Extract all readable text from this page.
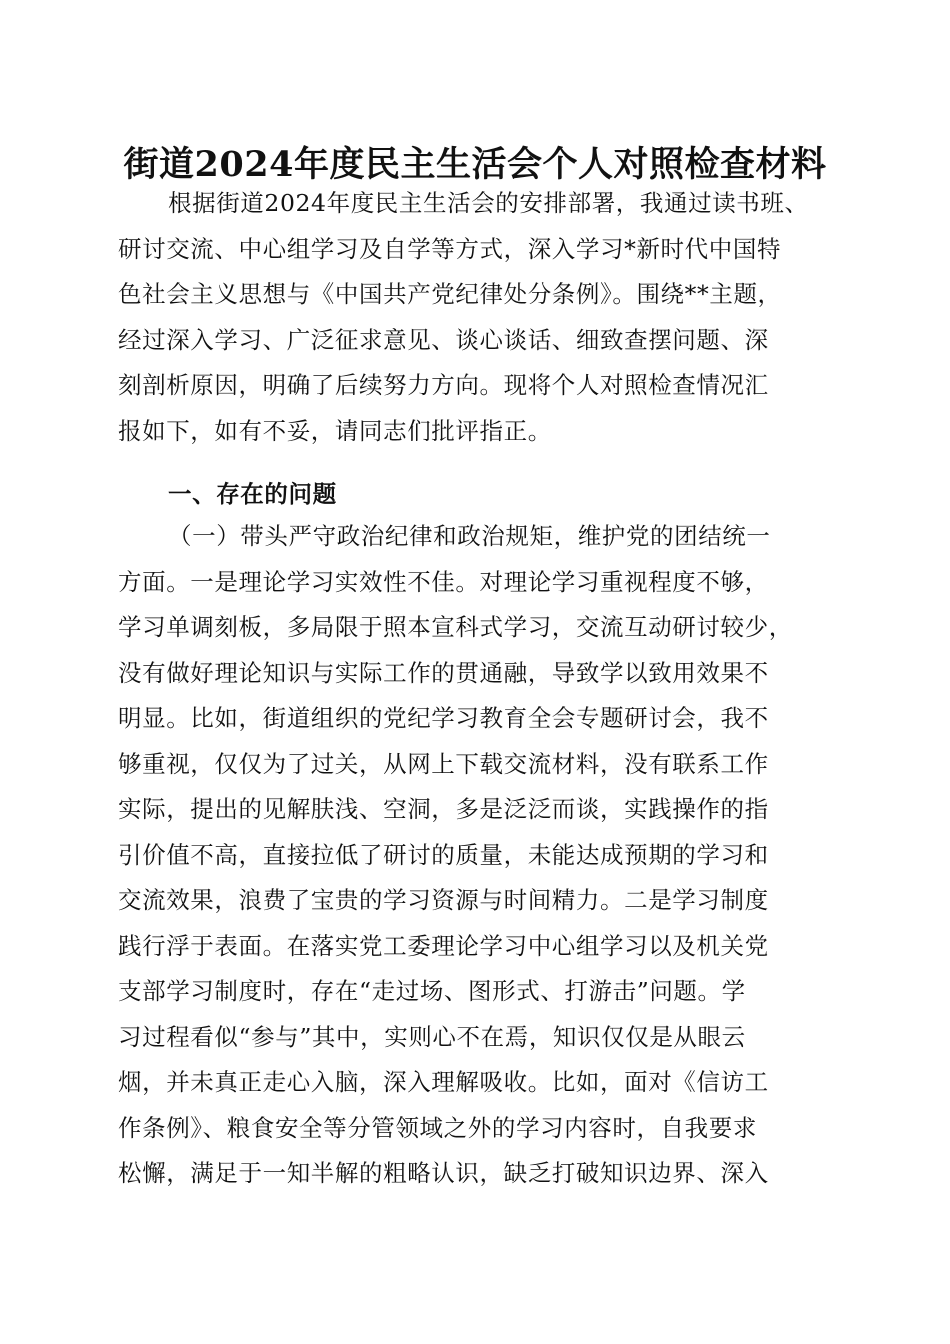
街道2024年度民主生活会个人对照检查材料
根据街道2024年度民主生活会的安排部署，我通过读书班、
研讨交流、中心组学习及自学等方式，深入学习*新时代中国特
色社会主义思想与《中国共产党纪律处分条例》。围绕**主题，
经过深入学习、广泛征求意见、谈心谈话、细致查摆问题、深
刻剖析原因，明确了后续努力方向。现将个人对照检查情况汇
报如下，如有不妥，请同志们批评指正。
一、存在的问题
（一）带头严守政治纪律和政治规矩，维护党的团结统一
方面。一是理论学习实效性不佳。对理论学习重视程度不够，
学习单调刻板，多局限于照本宣科式学习，交流互动研讨较少，
没有做好理论知识与实际工作的贯通融，导致学以致用效果不
明显。比如，街道组织的党纪学习教育全会专题研讨会，我不
够重视，仅仅为了过关，从网上下载交流材料，没有联系工作
实际，提出的见解肤浅、空洞，多是泛泛而谈，实践操作的指
引价值不高，直接拉低了研讨的质量，未能达成预期的学习和
交流效果，浪费了宝贵的学习资源与时间精力。二是学习制度
践行浮于表面。在落实党工委理论学习中心组学习以及机关党
支部学习制度时，存在“走过场、图形式、打游击”问题。学
习过程看似“参与”其中，实则心不在焉，知识仅仅是从眼云
烟，并未真正走心入脑，深入理解吸收。比如，面对《信访工
作条例》、粮食安全等分管领域之外的学习内容时，自我要求
松懈，满足于一知半解的粗略认识，缺乏打破知识边界、深入
